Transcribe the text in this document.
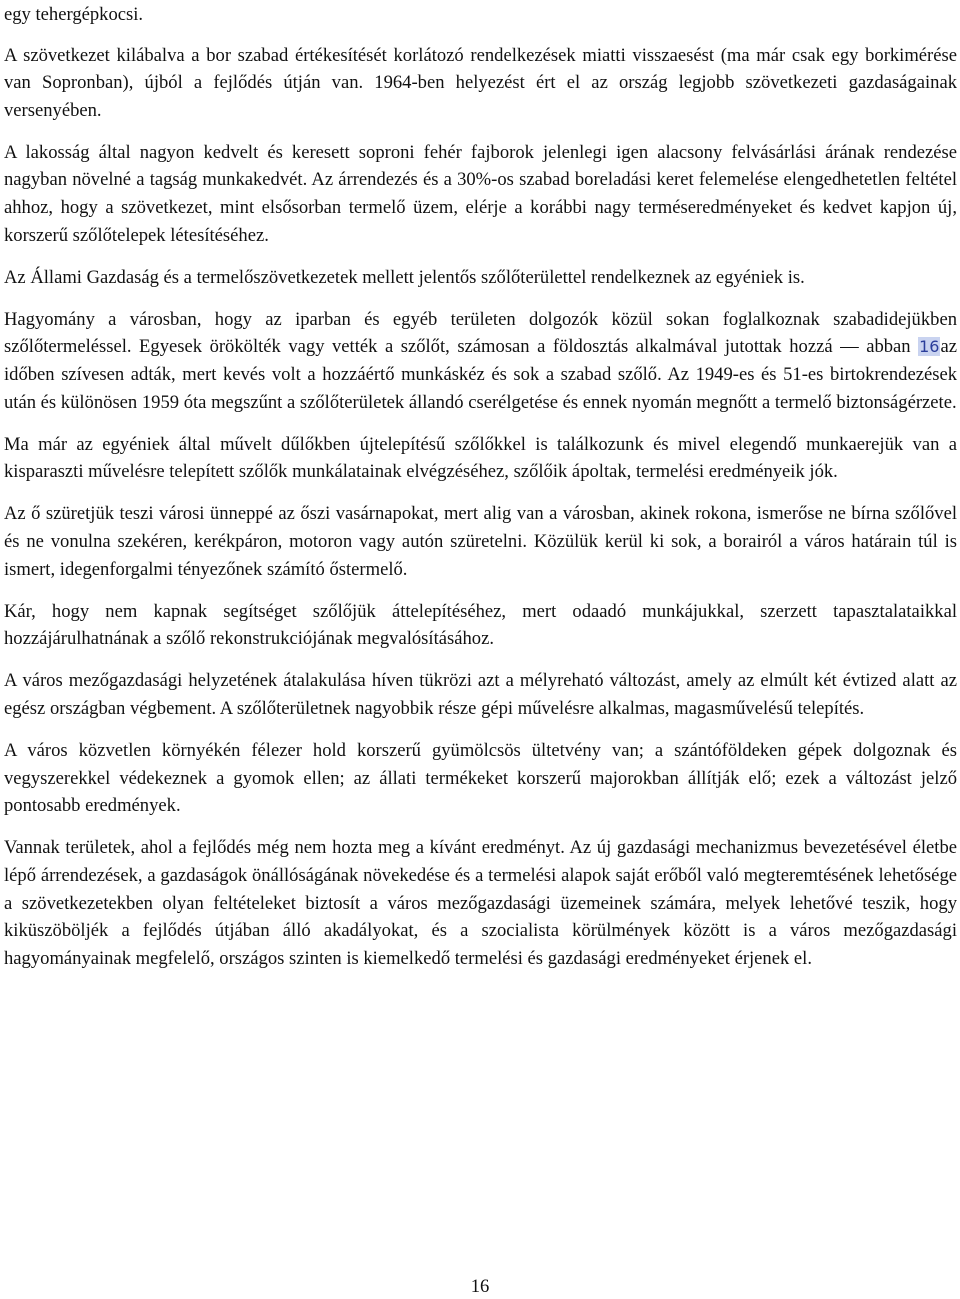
egy tehergépkocsi.

A szövetkezet kilábalva a bor szabad értékesítését korlátozó rendelkezések miatti visszaesést (ma már csak egy borkimérése van Sopronban), újból a fejlődés útján van. 1964-ben helyezést ért el az ország legjobb szövetkezeti gazdaságainak versenyében.

A lakosság által nagyon kedvelt és keresett soproni fehér fajborok jelenlegi igen alacsony felvásárlási árának rendezése nagyban növelné a tagság munkakedvét. Az árrendezés és a 30%-os szabad boreladási keret felemelése elengedhetetlen feltétel ahhoz, hogy a szövetkezet, mint elsősorban termelő üzem, elérje a korábbi nagy terméseredményeket és kedvet kapjon új, korszerű szőlőtelepek létesítéséhez.

Az Állami Gazdaság és a termelőszövetkezetek mellett jelentős szőlőterülettel rendelkeznek az egyéniek is.

Hagyomány a városban, hogy az iparban és egyéb területen dolgozók közül sokan foglalkoznak szabadidejükben szőlőtermeléssel. Egyesek örökölték vagy vették a szőlőt, számosan a földosztás alkalmával jutottak hozzá — abban 16az időben szívesen adták, mert kevés volt a hozzáértő munkáskéz és sok a szabad szőlő. Az 1949-es és 51-es birtokrendezések után és különösen 1959 óta megszűnt a szőlőterületek állandó cserélgetése és ennek nyomán megnőtt a termelő biztonságérzete.

Ma már az egyéniek által művelt dűlőkben újtelepítésű szőlőkkel is találkozunk és mivel elegendő munkaerejük van a kisparaszti művelésre telepített szőlők munkálatainak elvégzéséhez, szőlőik ápoltak, termelési eredményeik jók.

Az ő szüretjük teszi városi ünneppé az őszi vasárnapokat, mert alig van a városban, akinek rokona, ismerőse ne bírna szőlővel és ne vonulna szekéren, kerékpáron, motoron vagy autón szüretelni. Közülük kerül ki sok, a borairól a város határain túl is ismert, idegenforgalmi tényezőnek számító őstermelő.

Kár, hogy nem kapnak segítséget szőlőjük áttelepítéséhez, mert odaadó munkájukkal, szerzett tapasztalataikkal hozzájárulhatnának a szőlő rekonstrukciójának megvalósításához.

A város mezőgazdasági helyzetének átalakulása híven tükrözi azt a mélyreható változást, amely az elmúlt két évtized alatt az egész országban végbement. A szőlőterületnek nagyobbik része gépi művelésre alkalmas, magasművelésű telepítés.

A város közvetlen környékén félezer hold korszerű gyümölcsös ültetvény van; a szántóföldeken gépek dolgoznak és vegyszerekkel védekeznek a gyomok ellen; az állati termékeket korszerű majorokban állítják elő; ezek a változást jelző pontosabb eredmények.

Vannak területek, ahol a fejlődés még nem hozta meg a kívánt eredményt. Az új gazdasági mechanizmus bevezetésével életbe lépő árrendezések, a gazdaságok önállóságának növekedése és a termelési alapok saját erőből való megteremtésének lehetősége a szövetkezetekben olyan feltételeket biztosít a város mezőgazdasági üzemeinek számára, melyek lehetővé teszik, hogy kiküszöböljék a fejlődés útjában álló akadályokat, és a szocialista körülmények között is a város mezőgazdasági hagyományainak megfelelő, országos szinten is kiemelkedő termelési és gazdasági eredményeket érjenek el.

16
